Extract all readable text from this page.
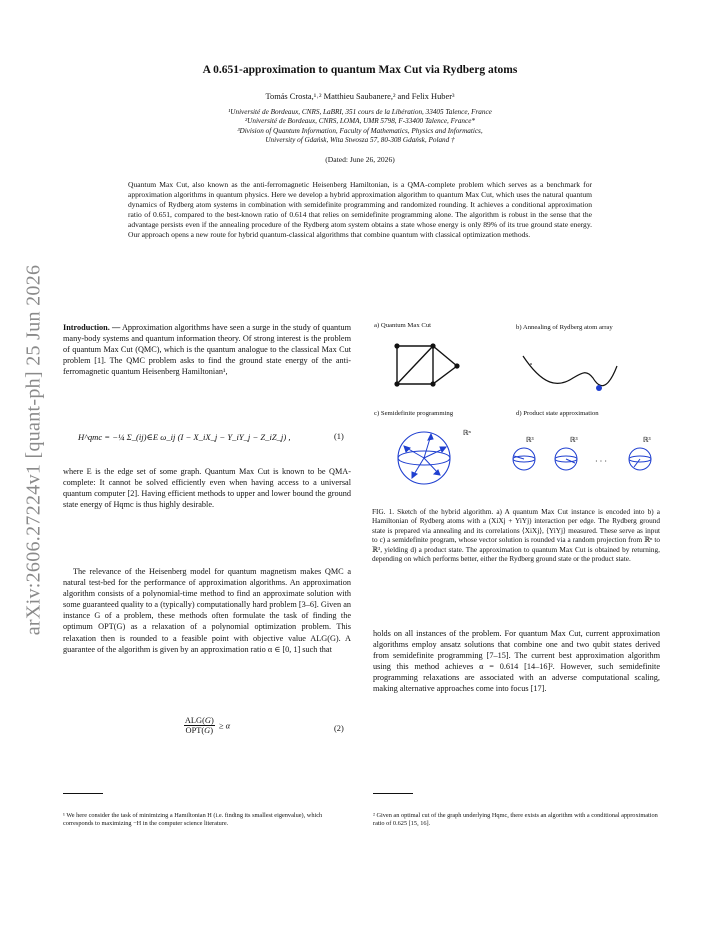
arXiv:2606.27224v1 [quant-ph] 25 Jun 2026
A 0.651-approximation to quantum Max Cut via Rydberg atoms
Tomás Crosta,¹˒² Matthieu Saubanere,² and Felix Huber³
¹Université de Bordeaux, CNRS, LaBRI, 351 cours de la Libération, 33405 Talence, France
²Université de Bordeaux, CNRS, LOMA, UMR 5798, F-33400 Talence, France*
³Division of Quantum Information, Faculty of Mathematics, Physics and Informatics,
University of Gdańsk, Wita Stwosza 57, 80-308 Gdańsk, Poland †
(Dated: June 26, 2026)
Quantum Max Cut, also known as the anti-ferromagnetic Heisenberg Hamiltonian, is a QMA-complete problem which serves as a benchmark for approximation algorithms in quantum physics. Here we develop a hybrid approximation algorithm to quantum Max Cut, which uses the natural quantum dynamics of Rydberg atom systems in combination with semidefinite programming and randomized rounding. It achieves a conditional approximation ratio of 0.651, compared to the best-known ratio of 0.614 that relies on semidefinite programming alone. The algorithm is robust in the sense that the advantage persists even if the annealing procedure of the Rydberg atom system obtains a state whose energy is only 89% of its true ground state energy. Our approach opens a new route for hybrid quantum-classical algorithms that combine quantum with classical optimization methods.
Introduction. — Approximation algorithms have seen a surge in the study of quantum many-body systems and quantum information theory. Of strong interest is the problem of quantum Max Cut (QMC), which is the quantum analogue to the classical Max Cut problem [1]. The QMC problem asks to find the ground state energy of the anti-ferromagnetic quantum Heisenberg Hamiltonian¹,
H^qmc = −¼ Σ_(ij)∈E ω_ij (I − X_iX_j − Y_iY_j − Z_iZ_j) ,	(1)
where E is the edge set of some graph. Quantum Max Cut is known to be QMA-complete: It cannot be solved efficiently even when having access to a universal quantum computer [2]. Having efficient methods to upper and lower bound the ground state energy of Hqmc is thus highly desirable.
The relevance of the Heisenberg model for quantum magnetism makes QMC a natural test-bed for the performance of approximation algorithms. An approximation algorithm consists of a polynomial-time method to find an approximate solution with some guaranteed quality to a (typically) computationally hard problem [3–6]. Given an instance G of a problem, these methods often formulate the task of finding the optimum OPT(G) as a relaxation of a polynomial optimization problem. This relaxation then is rounded to a feasible point with objective value ALG(G). A guarantee of the algorithm is given by an approximation ratio α ∈ [0, 1] such that
ALG(G)
OPT(G) ≥ α	(2)
¹ We here consider the task of minimizing a Hamiltonian H (i.e. finding its smallest eigenvalue), which corresponds to maximizing −H in the computer science literature.
a) Quantum Max Cut	b) Annealing of Rydberg atom array
c) Semidefinite programming	d) Product state approximation
ℝⁿ
ℝ³	ℝ³	ℝ³
· · ·
FIG. 1. Sketch of the hybrid algorithm. a) A quantum Max Cut instance is encoded into b) a Hamiltonian of Rydberg atoms with a (XiXj + YiYj) interaction per edge. The Rydberg ground state is prepared via annealing and its correlations ⟨XiXj⟩, ⟨YiYj⟩ measured. These serve as input to c) a semidefinite program, whose vector solution is rounded via a random projection from ℝⁿ to ℝ³, yielding d) a product state. The approximation to quantum Max Cut is obtained by returning, depending on which performs better, either the Rydberg ground state or the product state.
holds on all instances of the problem. For quantum Max Cut, current approximation algorithms employ ansatz solutions that combine one and two qubit states derived from semidefinite programming [7–15]. The current best approximation algorithm using this method achieves α = 0.614 [14–16]². However, such semidefinite programming relaxations are associated with an adverse computational scaling, making alternative approaches come into focus [17].
² Given an optimal cut of the graph underlying Hqmc, there exists an algorithm with a conditional approximation ratio of 0.625 [15, 16].
